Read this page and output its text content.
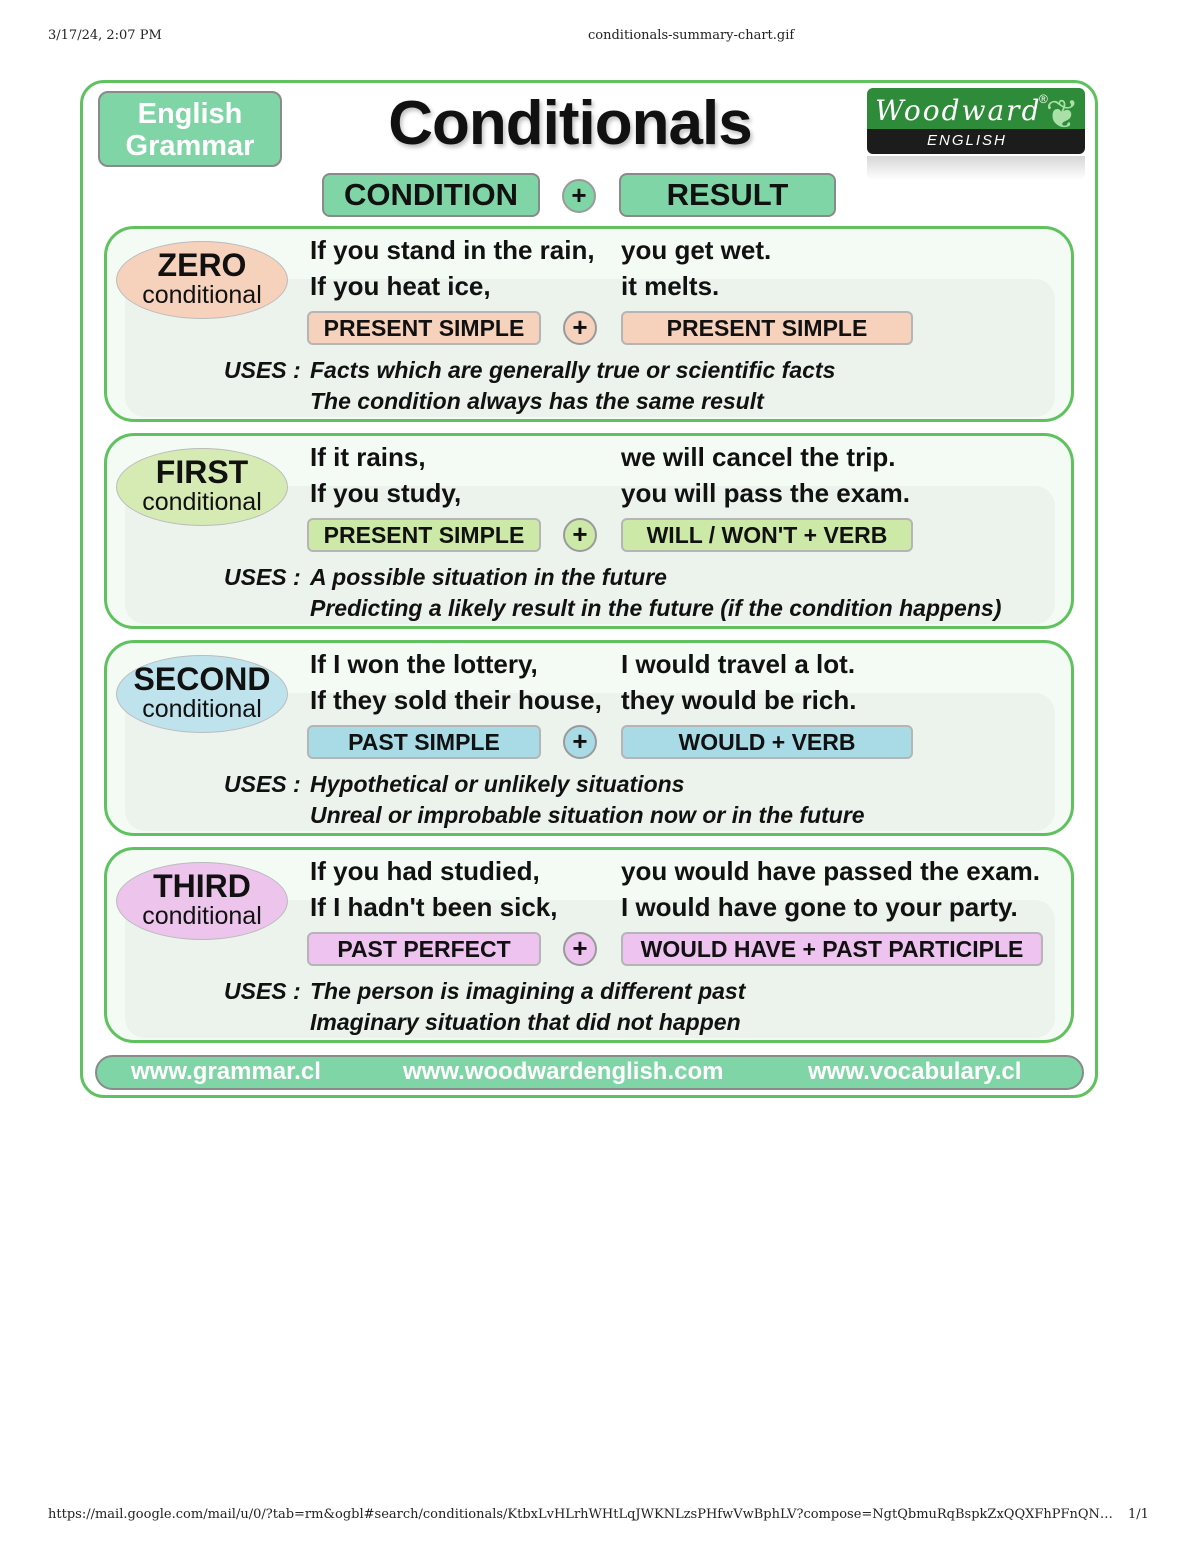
3/17/24, 2:07 PM	conditionals-summary-chart.gif
English
Grammar	Conditionals	Woodward
®
ENGLISH
❦
CONDITION	+	RESULT
ZERO
conditional
If you stand in the rain, you get wet.
If you heat ice,	it melts.
PRESENT SIMPLE	+	PRESENT SIMPLE
USES : Facts which are generally true or scientific facts
The condition always has the same result
FIRST
conditional
If it rains,	we will cancel the trip.
If you study,	you will pass the exam.
PRESENT SIMPLE	+	WILL / WON'T + VERB
USES : A possible situation in the future
Predicting a likely result in the future (if the condition happens)
SECOND
conditional
If I won the lottery,	I would travel a lot.
If they sold their house, they would be rich.
PAST SIMPLE	+	WOULD + VERB
USES : Hypothetical or unlikely situations
Unreal or improbable situation now or in the future
THIRD
conditional
If you had studied,	you would have passed the exam.
If I hadn't been sick, I would have gone to your party.
PAST PERFECT	+	WOULD HAVE + PAST PARTICIPLE
USES : The person is imagining a different past
Imaginary situation that did not happen
www.grammar.cl	www.woodwardenglish.com	www.vocabulary.cl
https://mail.google.com/mail/u/0/?tab=rm&ogbl#search/conditionals/KtbxLvHLrhWHtLqJWKNLzsPHfwVwBphLV?compose=NgtQbmuRqBspkZxQQXFhPFnQN… 1/1
